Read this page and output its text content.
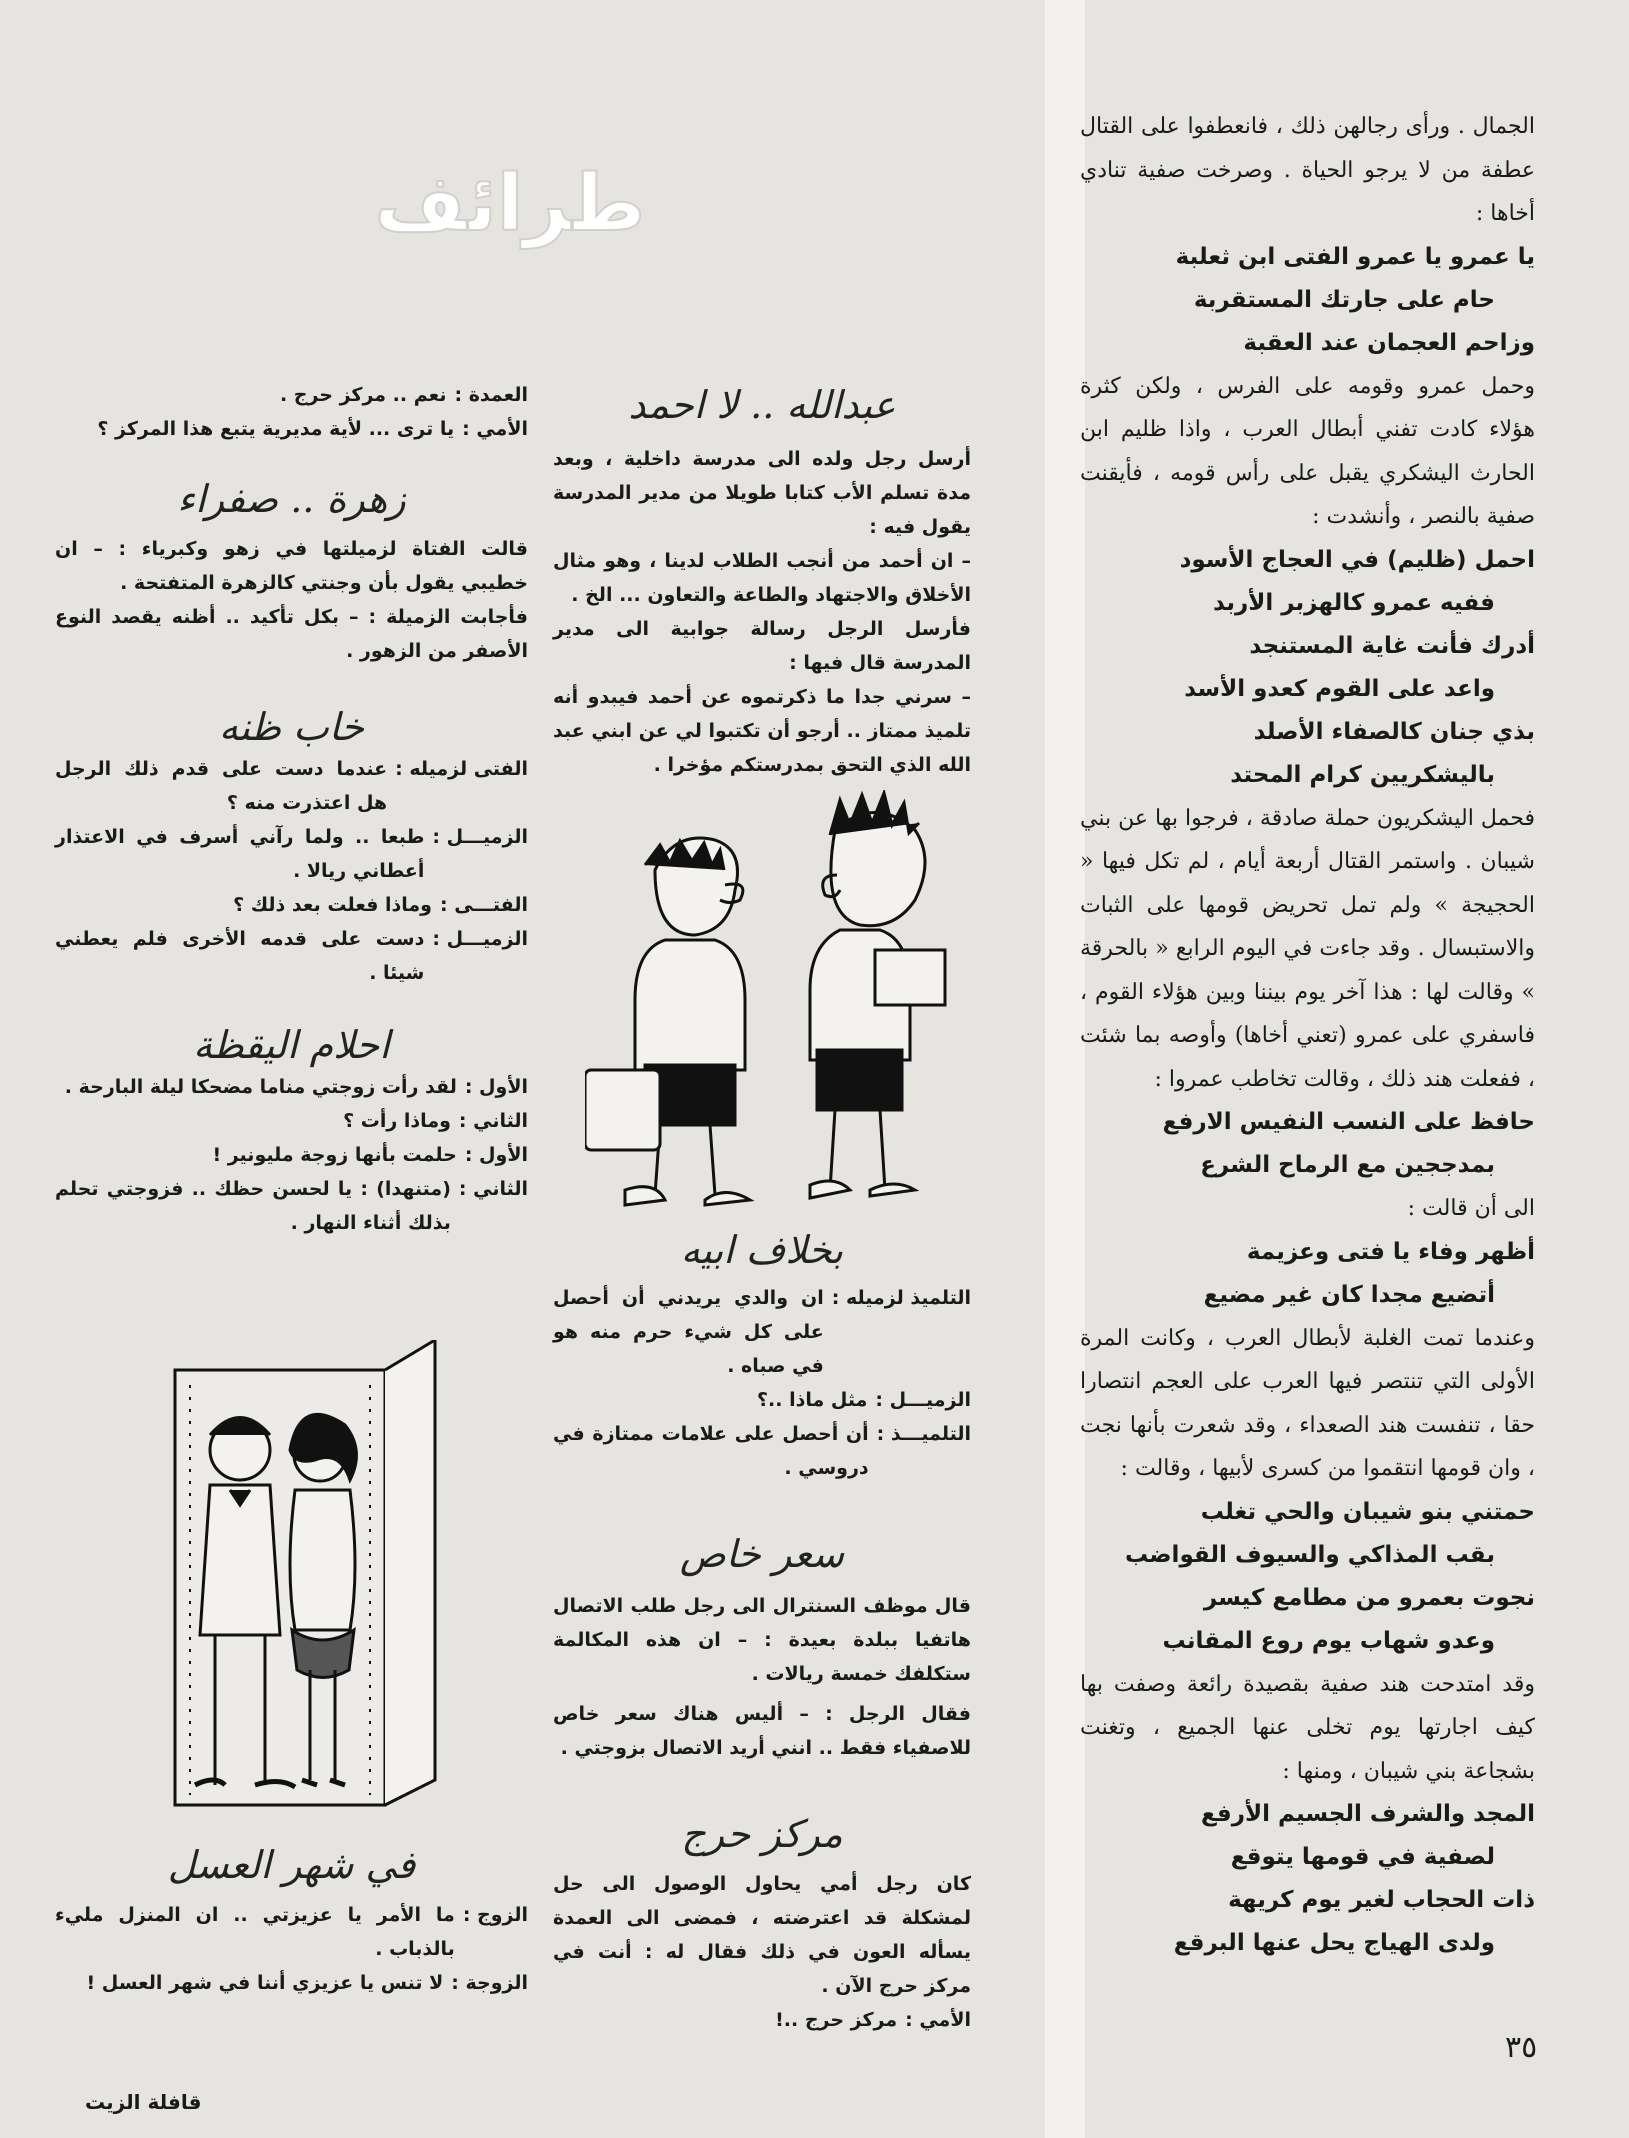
طرائف

الجمال . ورأى رجالهن ذلك ، فانعطفوا على القتال عطفة من لا يرجو الحياة . وصرخت صفية تنادي أخاها :

يا عمرو يا عمرو الفتى ابن ثعلبة

حام على جارتك المستقربة

وزاحم العجمان عند العقبة

وحمل عمرو وقومه على الفرس ، ولكن كثرة هؤلاء كادت تفني أبطال العرب ، واذا ظليم ابن الحارث اليشكري يقبل على رأس قومه ، فأيقنت صفية بالنصر ، وأنشدت :

احمل (ظليم) في العجاج الأسود

ففيه عمرو كالهزبر الأربد

أدرك فأنت غاية المستنجد

واعد على القوم كعدو الأسد

بذي جنان كالصفاء الأصلد

باليشكريين كرام المحتد

فحمل اليشكريون حملة صادقة ، فرجوا بها عن بني شيبان . واستمر القتال أربعة أيام ، لم تكل فيها « الحجيجة » ولم تمل تحريض قومها على الثبات والاستبسال . وقد جاءت في اليوم الرابع « بالحرقة » وقالت لها : هذا آخر يوم بيننا وبين هؤلاء القوم ، فاسفري على عمرو (تعني أخاها) وأوصه بما شئت ، ففعلت هند ذلك ، وقالت تخاطب عمروا :

حافظ على النسب النفيس الارفع

بمدججين مع الرماح الشرع

الى أن قالت :

أظهر وفاء يا فتى وعزيمة

أتضيع مجدا كان غير مضيع

وعندما تمت الغلبة لأبطال العرب ، وكانت المرة الأولى التي تنتصر فيها العرب على العجم انتصارا حقا ، تنفست هند الصعداء ، وقد شعرت بأنها نجت ، وان قومها انتقموا من كسرى لأبيها ، وقالت :

حمتني بنو شيبان والحي تغلب

بقب المذاكي والسيوف القواضب

نجوت بعمرو من مطامع كيسر

وعدو شهاب يوم روع المقانب

وقد امتدحت هند صفية بقصيدة رائعة وصفت بها كيف اجارتها يوم تخلى عنها الجميع ، وتغنت بشجاعة بني شيبان ، ومنها :

المجد والشرف الجسيم الأرفع

لصفية في قومها يتوقع

ذات الحجاب لغير يوم كريهة

ولدى الهياج يحل عنها البرقع

عبدالله .. لا احمد

أرسل رجل ولده الى مدرسة داخلية ، وبعد مدة تسلم الأب كتابا طويلا من مدير المدرسة يقول فيه :

– ان أحمد من أنجب الطلاب لدينا ، وهو مثال الأخلاق والاجتهاد والطاعة والتعاون ... الخ .

فأرسل الرجل رسالة جوابية الى مدير المدرسة قال فيها :

– سرني جدا ما ذكرتموه عن أحمد فيبدو أنه تلميذ ممتاز .. أرجو أن تكتبوا لي عن ابني عبد الله الذي التحق بمدرستكم مؤخرا .

بخلاف ابيه

التلميذ لزميله :
ان والدي يريدني أن أحصل على كل شيء حرم منه هو في صباه .
الزميـــل :
مثل ماذا ..؟
التلميـــذ :
أن أحصل على علامات ممتازة في دروسي .

سعر خاص

قال موظف السنترال الى رجل طلب الاتصال هاتفيا ببلدة بعيدة : – ان هذه المكالمة ستكلفك خمسة ريالات .

فقال الرجل : – أليس هناك سعر خاص للاصفياء فقط .. انني أريد الاتصال بزوجتي .

مركز حرج

كان رجل أمي يحاول الوصول الى حل لمشكلة قد اعترضته ، فمضى الى العمدة يسأله العون في ذلك فقال له : أنت في مركز حرج الآن .

الأمي :
مركز حرج ..!
العمدة :
نعم .. مركز حرج .
الأمي :
يا ترى ... لأية مديرية يتبع هذا المركز ؟

زهرة .. صفراء

قالت الفتاة لزميلتها في زهو وكبرياء : – ان خطيبي يقول بأن وجنتي كالزهرة المتفتحة .

فأجابت الزميلة : – بكل تأكيد .. أظنه يقصد النوع الأصفر من الزهور .

خاب ظنه

الفتى لزميله :
عندما دست على قدم ذلك الرجل هل اعتذرت منه ؟
الزميـــل :
طبعا .. ولما رآني أسرف في الاعتذار أعطاني ريالا .
الفتـــى :
وماذا فعلت بعد ذلك ؟
الزميـــل :
دست على قدمه الأخرى فلم يعطني شيئا .

احلام اليقظة

الأول :
لقد رأت زوجتي مناما مضحكا ليلة البارحة .
الثاني :
وماذا رأت ؟
الأول :
حلمت بأنها زوجة مليونير !
الثاني :
(متنهدا) : يا لحسن حظك .. فزوجتي تحلم بذلك أثناء النهار .

في شهر العسل

الزوج :
ما الأمر يا عزيزتي .. ان المنزل مليء بالذباب .
الزوجة :
لا تنس يا عزيزي أننا في شهر العسل !
٣٥
قافلة الزيت
